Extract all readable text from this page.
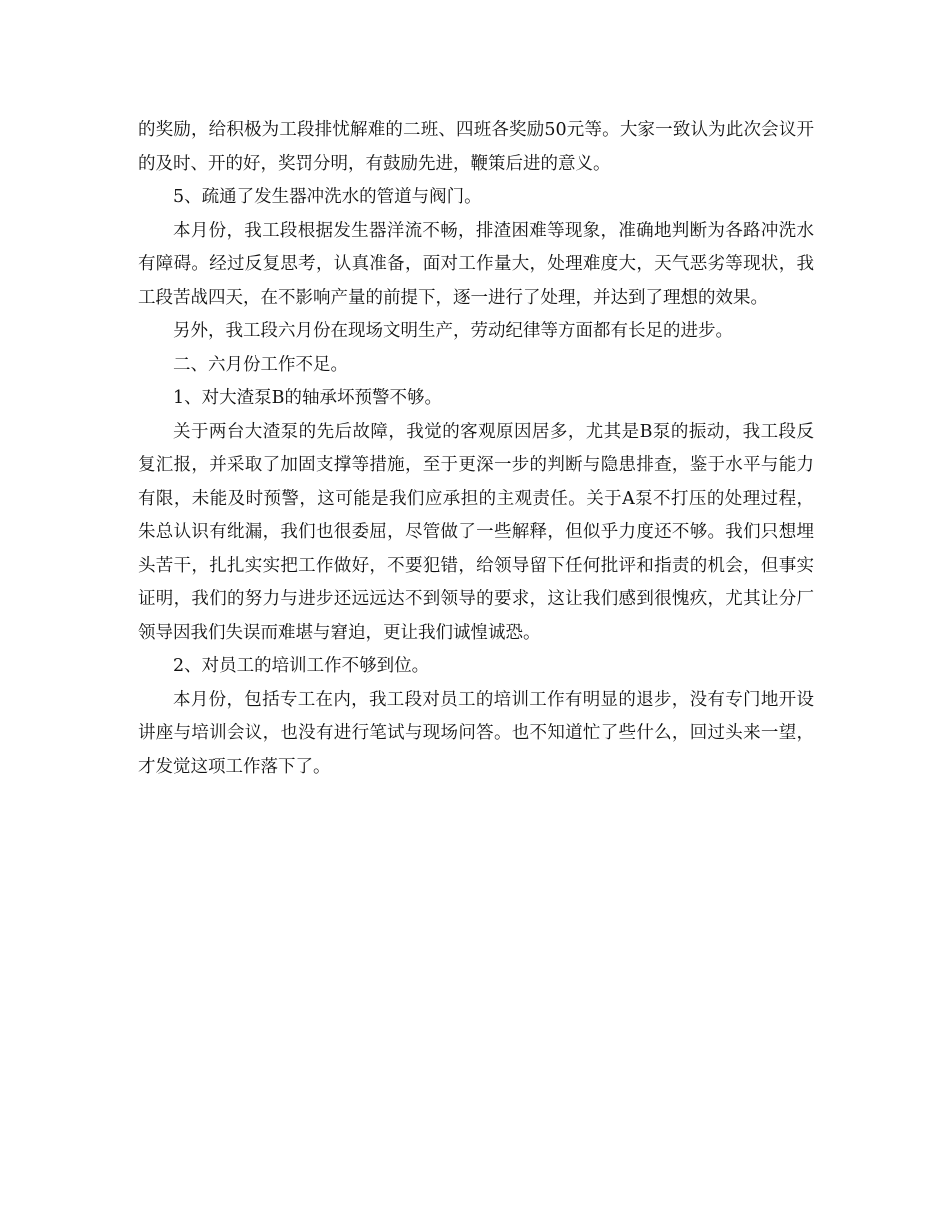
的奖励，给积极为工段排忧解难的二班、四班各奖励50元等。大家一致认为此次会议开的及时、开的好，奖罚分明，有鼓励先进，鞭策后进的意义。

5、疏通了发生器冲洗水的管道与阀门。

本月份，我工段根据发生器洋流不畅，排渣困难等现象，准确地判断为各路冲洗水有障碍。经过反复思考，认真准备，面对工作量大，处理难度大，天气恶劣等现状，我工段苦战四天，在不影响产量的前提下，逐一进行了处理，并达到了理想的效果。

另外，我工段六月份在现场文明生产，劳动纪律等方面都有长足的进步。

二、六月份工作不足。

1、对大渣泵B的轴承坏预警不够。

关于两台大渣泵的先后故障，我觉的客观原因居多，尤其是B泵的振动，我工段反复汇报，并采取了加固支撑等措施，至于更深一步的判断与隐患排查，鉴于水平与能力有限，未能及时预警，这可能是我们应承担的主观责任。关于A泵不打压的处理过程，朱总认识有纰漏，我们也很委屈，尽管做了一些解释，但似乎力度还不够。我们只想埋头苦干，扎扎实实把工作做好，不要犯错，给领导留下任何批评和指责的机会，但事实证明，我们的努力与进步还远远达不到领导的要求，这让我们感到很愧疚，尤其让分厂领导因我们失误而难堪与窘迫，更让我们诚惶诚恐。

2、对员工的培训工作不够到位。

本月份，包括专工在内，我工段对员工的培训工作有明显的退步，没有专门地开设讲座与培训会议，也没有进行笔试与现场问答。也不知道忙了些什么，回过头来一望，才发觉这项工作落下了。
